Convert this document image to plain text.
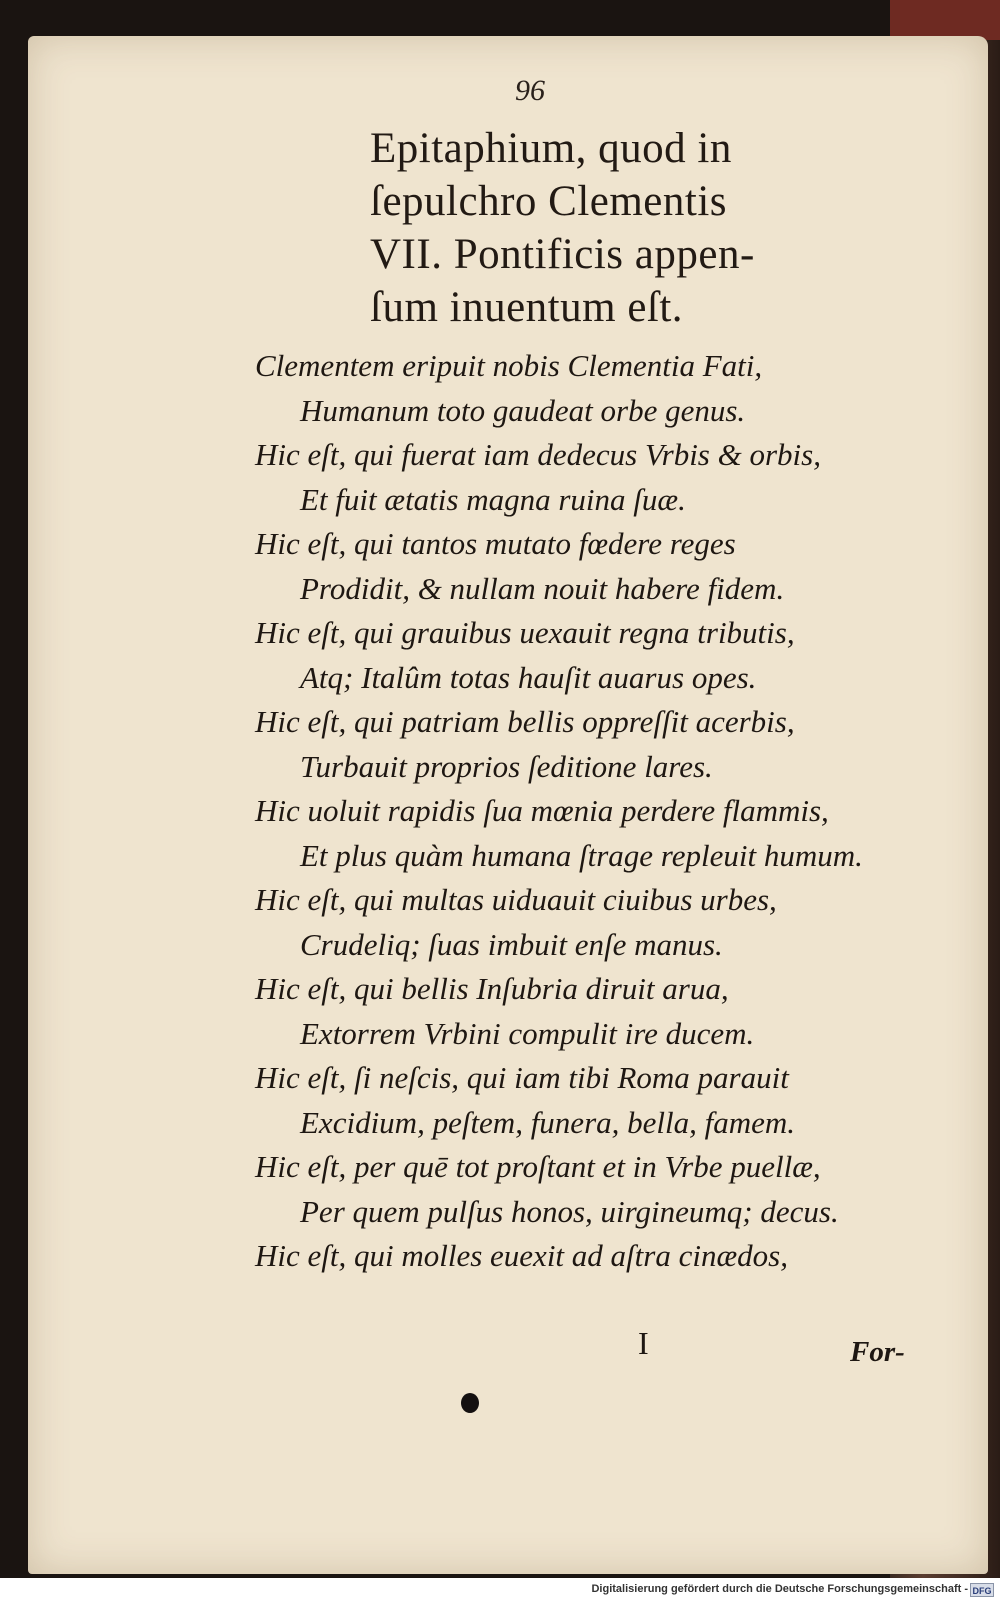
96
Epitaphium, quod in
ſepulchro Clementis
VII. Pontificis appen-
ſum inuentum eſt.
Clementem eripuit nobis Clementia Fati,
Humanum toto gaudeat orbe genus.
Hic eſt, qui fuerat iam dedecus Vrbis & orbis,
Et fuit ætatis magna ruina ſuæ.
Hic eſt, qui tantos mutato fœdere reges
Prodidit, & nullam nouit habere fidem.
Hic eſt, qui grauibus uexauit regna tributis,
Atq; Italûm totas hauſit auarus opes.
Hic eſt, qui patriam bellis oppreſſit acerbis,
Turbauit proprios ſeditione lares.
Hic uoluit rapidis ſua mœnia perdere flammis,
Et plus quàm humana ſtrage repleuit humum.
Hic eſt, qui multas uiduauit ciuibus urbes,
Crudeliq; ſuas imbuit enſe manus.
Hic eſt, qui bellis Inſubria diruit arua,
Extorrem Vrbini compulit ire ducem.
Hic eſt, ſi neſcis, qui iam tibi Roma parauit
Excidium, peſtem, funera, bella, famem.
Hic eſt, per quē tot proſtant et in Vrbe puellæ,
Per quem pulſus honos, uirgineumq; decus.
Hic eſt, qui molles euexit ad aſtra cinædos,
I	For-
Digitalisierung gefördert durch die Deutsche Forschungsgemeinschaft - DFG
